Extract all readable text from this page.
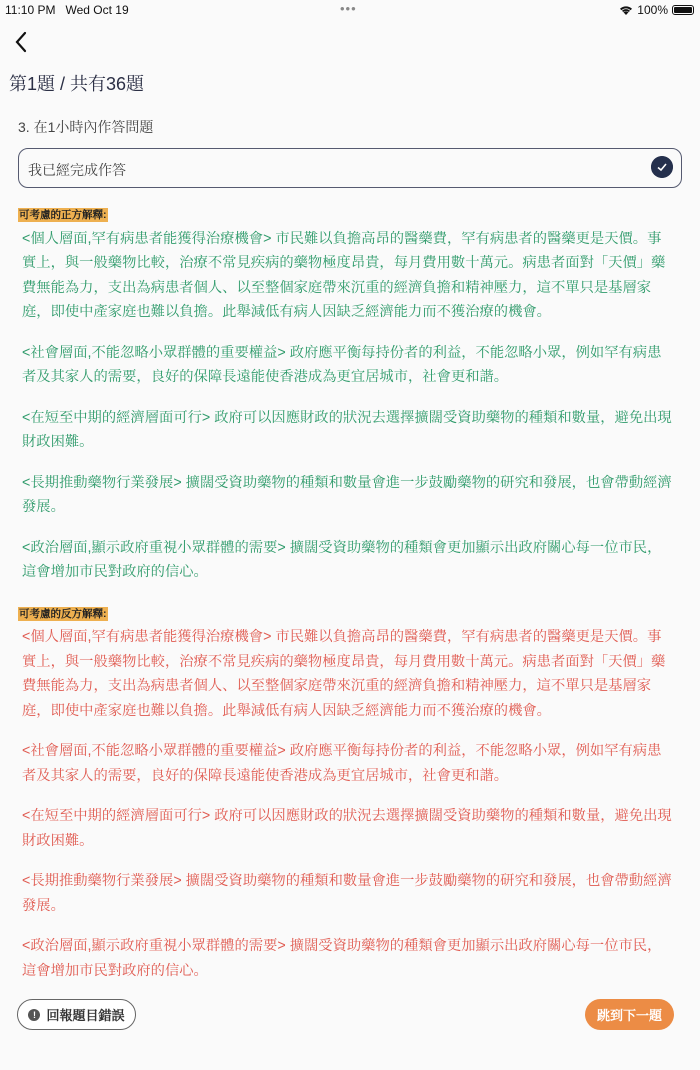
11:10 PM Wed Oct 19	•••	100%
第1題 / 共有36題
3. 在1小時內作答問題
我已經完成作答
可考慮的正方解釋:

<個人層面,罕有病患者能獲得治療機會> 市民難以負擔高昂的醫藥費，罕有病患者的醫藥更是天價。事實上，與一般藥物比較，治療不常見疾病的藥物極度昂貴，每月費用數十萬元。病患者面對「天價」藥費無能為力，支出為病患者個人、以至整個家庭帶來沉重的經濟負擔和精神壓力，這不單只是基層家庭，即使中產家庭也難以負擔。此舉減低有病人因缺乏經濟能力而不獲治療的機會。

<社會層面,不能忽略小眾群體的重要權益> 政府應平衡每持份者的利益，不能忽略小眾，例如罕有病患者及其家人的需要，良好的保障長遠能使香港成為更宜居城市，社會更和諧。

<在短至中期的經濟層面可行> 政府可以因應財政的狀況去選擇擴闊受資助藥物的種類和數量，避免出現財政困難。

<長期推動藥物行業發展> 擴闊受資助藥物的種類和數量會進一步鼓勵藥物的研究和發展，也會帶動經濟發展。

<政治層面,顯示政府重視小眾群體的需要> 擴闊受資助藥物的種類會更加顯示出政府關心每一位市民，這會增加市民對政府的信心。

可考慮的反方解釋:

<個人層面,罕有病患者能獲得治療機會> 市民難以負擔高昂的醫藥費，罕有病患者的醫藥更是天價。事實上，與一般藥物比較，治療不常見疾病的藥物極度昂貴，每月費用數十萬元。病患者面對「天價」藥費無能為力，支出為病患者個人、以至整個家庭帶來沉重的經濟負擔和精神壓力，這不單只是基層家庭，即使中產家庭也難以負擔。此舉減低有病人因缺乏經濟能力而不獲治療的機會。

<社會層面,不能忽略小眾群體的重要權益> 政府應平衡每持份者的利益，不能忽略小眾，例如罕有病患者及其家人的需要，良好的保障長遠能使香港成為更宜居城市，社會更和諧。

<在短至中期的經濟層面可行> 政府可以因應財政的狀況去選擇擴闊受資助藥物的種類和數量，避免出現財政困難。

<長期推動藥物行業發展> 擴闊受資助藥物的種類和數量會進一步鼓勵藥物的研究和發展，也會帶動經濟發展。

<政治層面,顯示政府重視小眾群體的需要> 擴闊受資助藥物的種類會更加顯示出政府關心每一位市民，這會增加市民對政府的信心。

! 回報題目錯誤	跳到下一題
